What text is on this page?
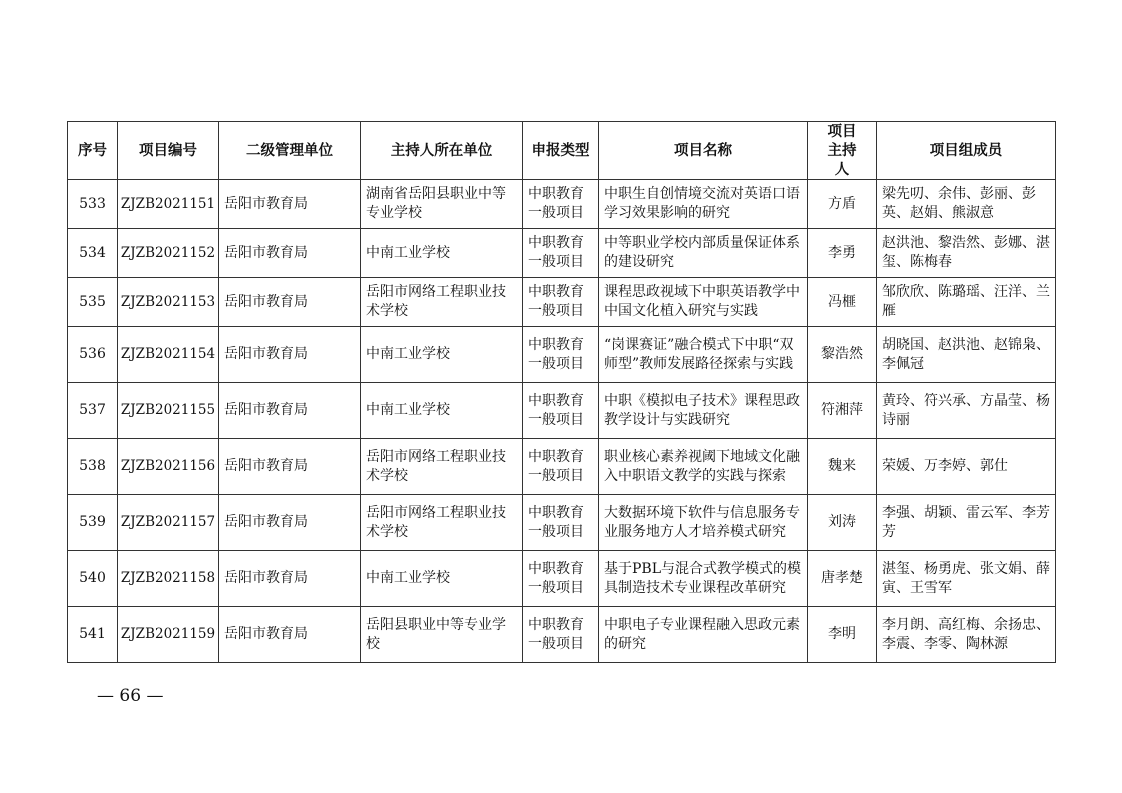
序号	项目编号	二级管理单位	主持人所在单位	申报类型	项目名称	项目主持人	项目组成员
533	ZJZB2021151	岳阳市教育局	湖南省岳阳县职业中等专业学校	中职教育一般项目	中职生自创情境交流对英语口语学习效果影响的研究	方盾	梁先叨、余伟、彭丽、彭英、赵娟、熊淑意
534	ZJZB2021152	岳阳市教育局	中南工业学校	中职教育一般项目	中等职业学校内部质量保证体系的建设研究	李勇	赵洪池、黎浩然、彭娜、湛玺、陈梅春
535	ZJZB2021153	岳阳市教育局	岳阳市网络工程职业技术学校	中职教育一般项目	课程思政视域下中职英语教学中中国文化植入研究与实践	冯榧	邹欣欣、陈璐瑶、汪洋、兰雁
536	ZJZB2021154	岳阳市教育局	中南工业学校	中职教育一般项目	“岗课赛证”融合模式下中职“双师型”教师发展路径探索与实践	黎浩然	胡晓国、赵洪池、赵锦枭、李佩冠
537	ZJZB2021155	岳阳市教育局	中南工业学校	中职教育一般项目	中职《模拟电子技术》课程思政教学设计与实践研究	符湘萍	黄玲、符兴承、方晶莹、杨诗丽
538	ZJZB2021156	岳阳市教育局	岳阳市网络工程职业技术学校	中职教育一般项目	职业核心素养视阈下地域文化融入中职语文教学的实践与探索	魏来	荣媛、万李婷、郭仕
539	ZJZB2021157	岳阳市教育局	岳阳市网络工程职业技术学校	中职教育一般项目	大数据环境下软件与信息服务专业服务地方人才培养模式研究	刘涛	李强、胡颖、雷云军、李芳芳
540	ZJZB2021158	岳阳市教育局	中南工业学校	中职教育一般项目	基于PBL与混合式教学模式的模具制造技术专业课程改革研究	唐孝楚	湛玺、杨勇虎、张文娟、薛寅、王雪军
541	ZJZB2021159	岳阳市教育局	岳阳县职业中等专业学校	中职教育一般项目	中职电子专业课程融入思政元素的研究	李明	李月朗、高红梅、余扬忠、李震、李零、陶林源
— 66 —
